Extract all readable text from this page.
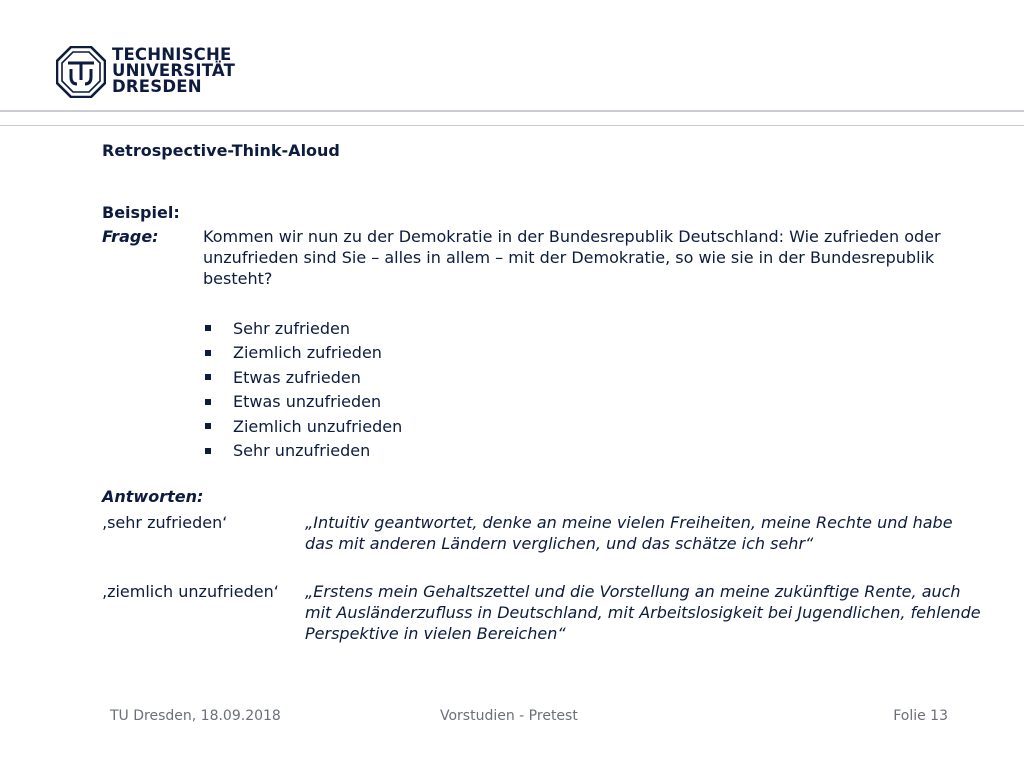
TECHNISCHE
UNIVERSITÄT
DRESDEN
Retrospective-Think-Aloud
Beispiel:
Frage:	Kommen wir nun zu der Demokratie in der Bundesrepublik Deutschland: Wie zufrieden oder unzufrieden sind Sie – alles in allem – mit der Demokratie, so wie sie in der Bundesrepublik besteht?
Sehr zufrieden
Ziemlich zufrieden
Etwas zufrieden
Etwas unzufrieden
Ziemlich unzufrieden
Sehr unzufrieden
Antworten:
‚sehr zufrieden‘	„Intuitiv geantwortet, denke an meine vielen Freiheiten, meine Rechte und habe das mit anderen Ländern verglichen, und das schätze ich sehr“
‚ziemlich unzufrieden‘ „Erstens mein Gehaltszettel und die Vorstellung an meine zukünftige Rente, auch mit Ausländerzufluss in Deutschland, mit Arbeitslosigkeit bei Jugendlichen, fehlende Perspektive in vielen Bereichen“
TU Dresden, 18.09.2018	Vorstudien - Pretest	Folie 13
